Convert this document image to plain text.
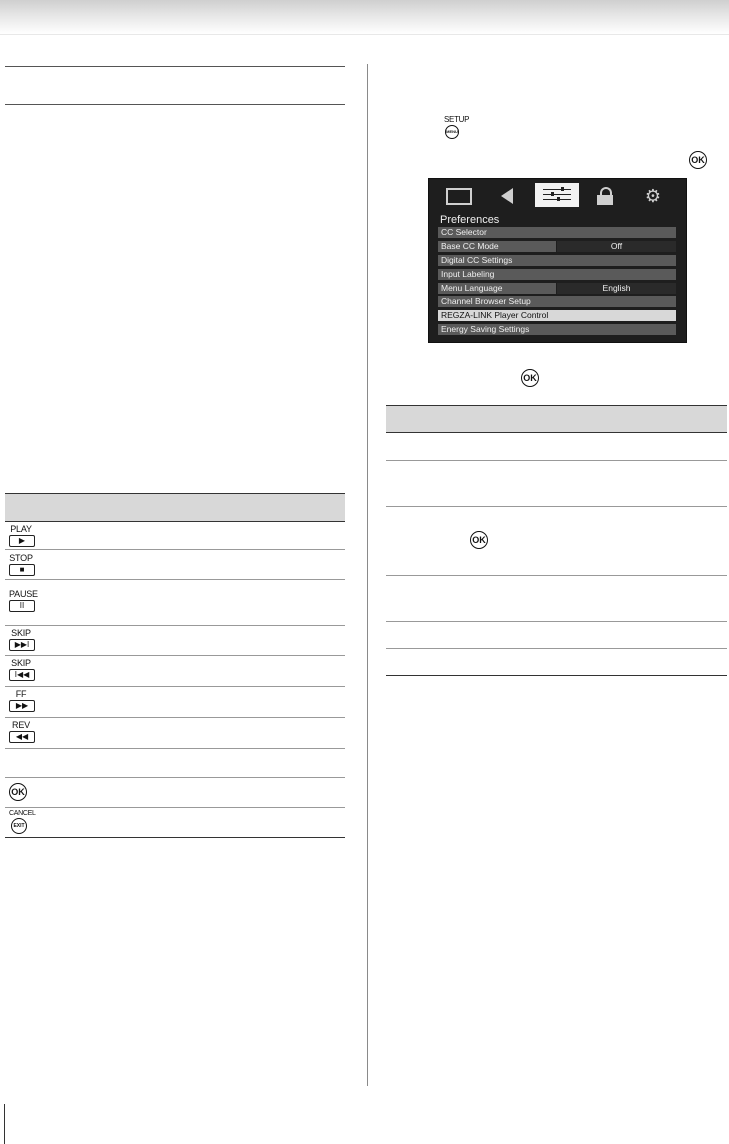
PLAY
▶
STOP
■
PAUSE
II
SKIP
▶▶I
SKIP
I◀◀
FF
▶▶
REV
◀◀
OK
CANCEL
EXIT
SETUP
MENU
OK
⚙
Preferences
CC Selector
Base CC Mode	Off
Digital CC Settings
Input Labeling
Menu Language	English
Channel Browser Setup
REGZA-LINK Player Control
Energy Saving Settings
OK
OK
